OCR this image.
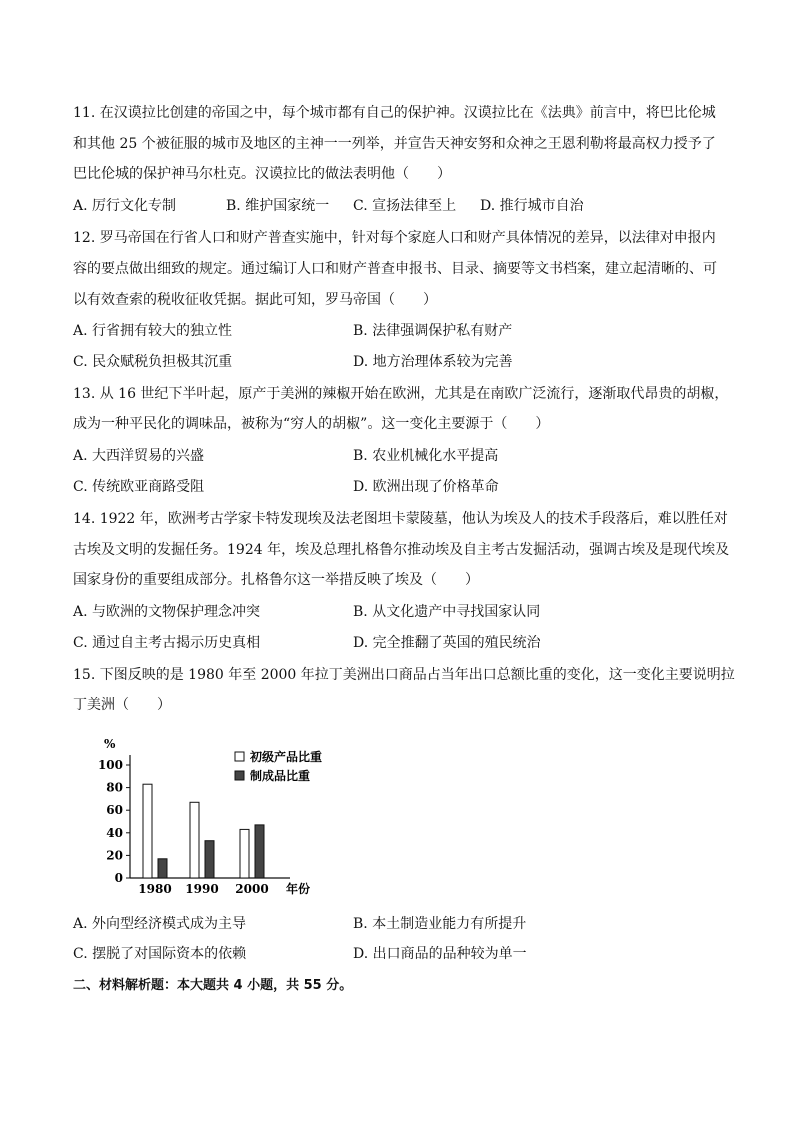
11. 在汉谟拉比创建的帝国之中，每个城市都有自己的保护神。汉谟拉比在《法典》前言中，将巴比伦城
和其他 25 个被征服的城市及地区的主神一一列举，并宣告天神安努和众神之王恩利勒将最高权力授予了
巴比伦城的保护神马尔杜克。汉谟拉比的做法表明他（　　）
A. 厉行文化专制	B. 维护国家统一 C. 宣扬法律至上 D. 推行城市自治
12. 罗马帝国在行省人口和财产普查实施中，针对每个家庭人口和财产具体情况的差异，以法律对申报内
容的要点做出细致的规定。通过编订人口和财产普查申报书、目录、摘要等文书档案，建立起清晰的、可
以有效查索的税收征收凭据。据此可知，罗马帝国（　　）
A. 行省拥有较大的独立性	B. 法律强调保护私有财产
C. 民众赋税负担极其沉重	D. 地方治理体系较为完善
13. 从 16 世纪下半叶起，原产于美洲的辣椒开始在欧洲，尤其是在南欧广泛流行，逐渐取代昂贵的胡椒，
成为一种平民化的调味品，被称为“穷人的胡椒”。这一变化主要源于（　　）
A. 大西洋贸易的兴盛	B. 农业机械化水平提高
C. 传统欧亚商路受阻	D. 欧洲出现了价格革命
14. 1922 年，欧洲考古学家卡特发现埃及法老图坦卡蒙陵墓，他认为埃及人的技术手段落后，难以胜任对
古埃及文明的发掘任务。1924 年，埃及总理扎格鲁尔推动埃及自主考古发掘活动，强调古埃及是现代埃及
国家身份的重要组成部分。扎格鲁尔这一举措反映了埃及（　　）
A. 与欧洲的文物保护理念冲突	B. 从文化遗产中寻找国家认同
C. 通过自主考古揭示历史真相	D. 完全推翻了英国的殖民统治
15. 下图反映的是 1980 年至 2000 年拉丁美洲出口商品占当年出口总额比重的变化，这一变化主要说明拉
丁美洲（　　）
%
0
20
40
60
80
100
1980 1990 2000 年份
初级产品比重
制成品比重
A. 外向型经济模式成为主导	B. 本土制造业能力有所提升
C. 摆脱了对国际资本的依赖	D. 出口商品的品种较为单一
二、材料解析题：本大题共 4 小题，共 55 分。
